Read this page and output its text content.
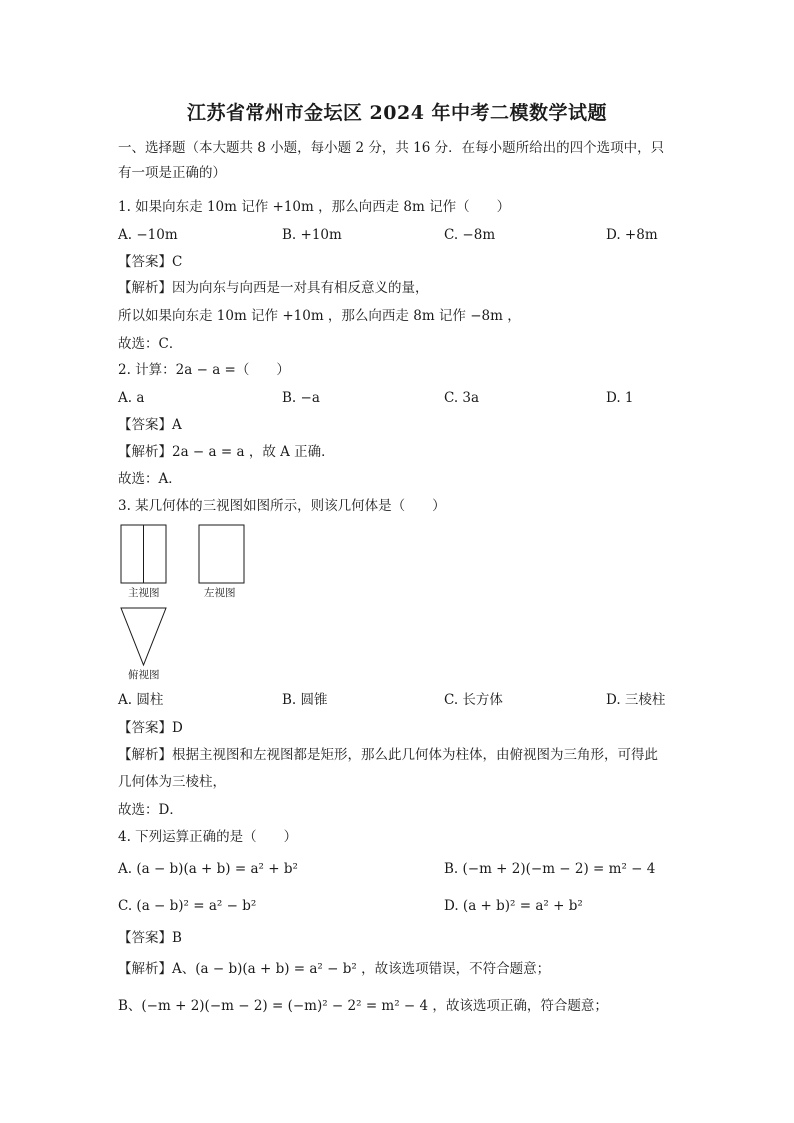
江苏省常州市金坛区 2024 年中考二模数学试题
一、选择题（本大题共 8 小题，每小题 2 分，共 16 分．在每小题所给出的四个选项中，只
有一项是正确的）
1. 如果向东走 10m 记作 +10m ，那么向西走 8m 记作（　　）
A. −10m	B. +10m	C. −8m	D. +8m
【答案】C
【解析】因为向东与向西是一对具有相反意义的量，
所以如果向东走 10m 记作 +10m ，那么向西走 8m 记作 −8m ，
故选：C．
2. 计算：2a − a =（　　）
A. a	B. −a	C. 3a	D. 1
【答案】A
【解析】2a − a = a ，故 A 正确．
故选：A．
3. 某几何体的三视图如图所示，则该几何体是（　　）
主视图	左视图
俯视图
A. 圆柱	B. 圆锥	C. 长方体	D. 三棱柱
【答案】D
【解析】根据主视图和左视图都是矩形，那么此几何体为柱体，由俯视图为三角形，可得此
几何体为三棱柱，
故选：D．
4. 下列运算正确的是（　　）
A. (a − b)(a + b) = a² + b²	B. (−m + 2)(−m − 2) = m² − 4
C. (a − b)² = a² − b²	D. (a + b)² = a² + b²
【答案】B
【解析】A、(a − b)(a + b) = a² − b² ，故该选项错误，不符合题意；
B、(−m + 2)(−m − 2) = (−m)² − 2² = m² − 4 ，故该选项正确，符合题意；
